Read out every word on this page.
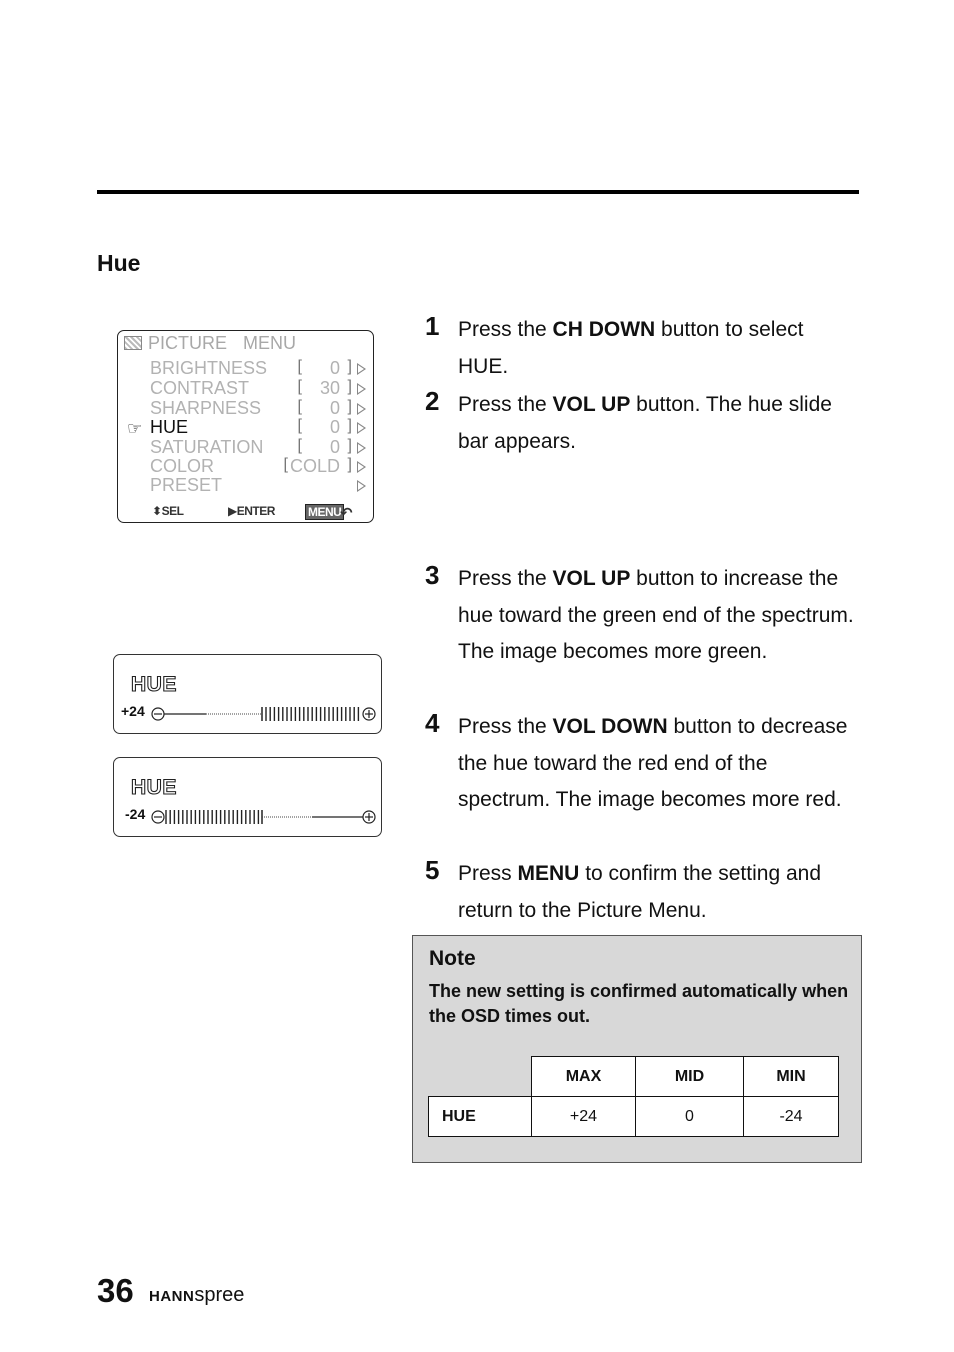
Hue
PICTURE MENU
BRIGHTNESS [ 0 ]
CONTRAST	[ 30 ]
SHARPNESS [ 0 ]
☞ HUE	[ 0 ]
SATURATION [ 0 ]
COLOR	[ COLD ]
PRESET
⬍SEL	▶ENTER	MENU
↶
HUE
+24
HUE
-24
1 Press the CH DOWN button to select HUE.
2 Press the VOL UP button. The hue slide bar appears.
3 Press the VOL UP button to increase the hue toward the green end of the spectrum. The image becomes more green.
4 Press the VOL DOWN button to decrease the hue toward the red end of the spectrum. The image becomes more red.
5 Press MENU to confirm the setting and return to the Picture Menu.
Note
The new setting is confirmed automatically when the OSD times out.
	MAX	MID	MIN
HUE	+24	0	-24
36 HANNspree
